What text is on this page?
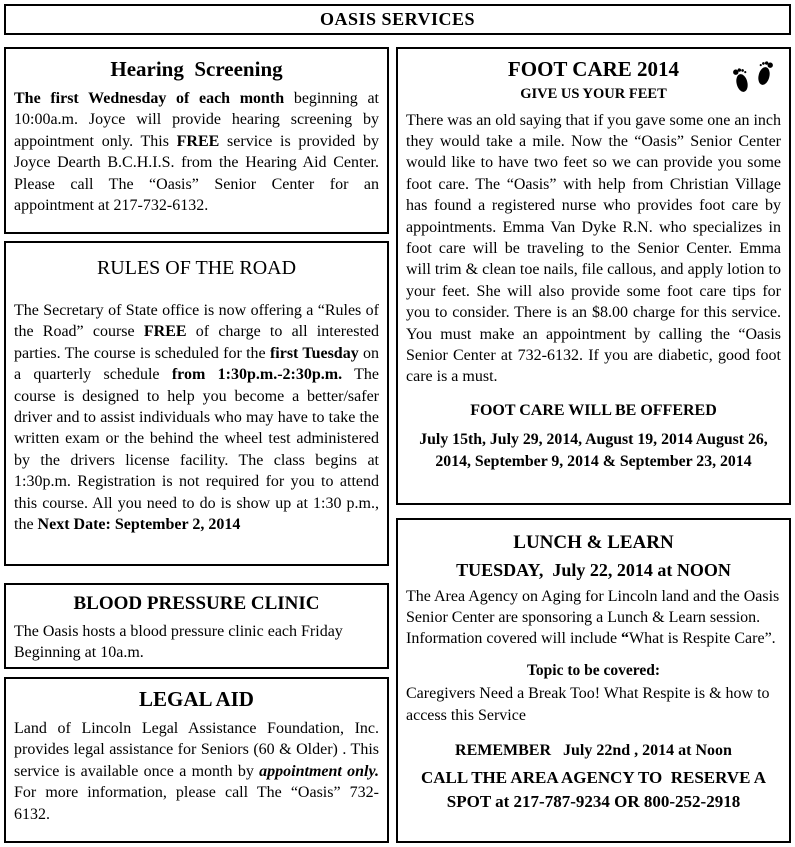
OASIS SERVICES
Hearing  Screening

The first Wednesday of each month beginning at 10:00a.m. Joyce will provide hearing screening by appointment only. This FREE service is provided by Joyce Dearth B.C.H.I.S. from the Hearing Aid Center. Please call The “Oasis” Senior Center for an appointment at 217-732-6132.

RULES OF THE ROAD

The Secretary of State office is now offering a “Rules of the Road” course FREE of charge to all interested parties. The course is scheduled for the first Tuesday on a quarterly schedule from 1:30p.m.-2:30p.m. The course is designed to help you become a better/safer driver and to assist individuals who may have to take the written exam or the behind the wheel test administered by the drivers license facility. The class begins at 1:30p.m. Registration is not required for you to attend this course. All you need to do is show up at 1:30 p.m., the Next Date: September 2, 2014

BLOOD PRESSURE CLINIC

The Oasis hosts a blood pressure clinic each Friday Beginning at 10a.m.

LEGAL AID

Land of Lincoln Legal Assistance Foundation, Inc. provides legal assistance for Seniors (60 & Older) . This service is available once a month by appointment only. For more information, please call The “Oasis” 732-6132.

FOOT CARE 2014
GIVE US YOUR FEET

There was an old saying that if you gave some one an inch they would take a mile. Now the “Oasis” Senior Center would like to have two feet so we can provide you some foot care. The “Oasis” with help from Christian Village has found a registered nurse who provides foot care by appointments. Emma Van Dyke R.N. who specializes in foot care will be traveling to the Senior Center. Emma will trim & clean toe nails, file callous, and apply lotion to your feet. She will also provide some foot care tips for you to consider. There is an $8.00 charge for this service. You must make an appointment by calling the “Oasis Senior Center at 732-6132. If you are diabetic, good foot care is a must.

FOOT CARE WILL BE OFFERED
July 15th, July 29, 2014, August 19, 2014 August 26, 2014, September 9, 2014 & September 23, 2014
LUNCH & LEARN
TUESDAY,  July 22, 2014 at NOON

The Area Agency on Aging for Lincoln land and the Oasis Senior Center are sponsoring a Lunch & Learn session. Information covered will include “What is Respite Care”.

Topic to be covered:

Caregivers Need a Break Too! What Respite is & how to access this Service

REMEMBER   July 22nd , 2014 at Noon
CALL THE AREA AGENCY TO  RESERVE A SPOT at 217-787-9234 OR 800-252-2918
